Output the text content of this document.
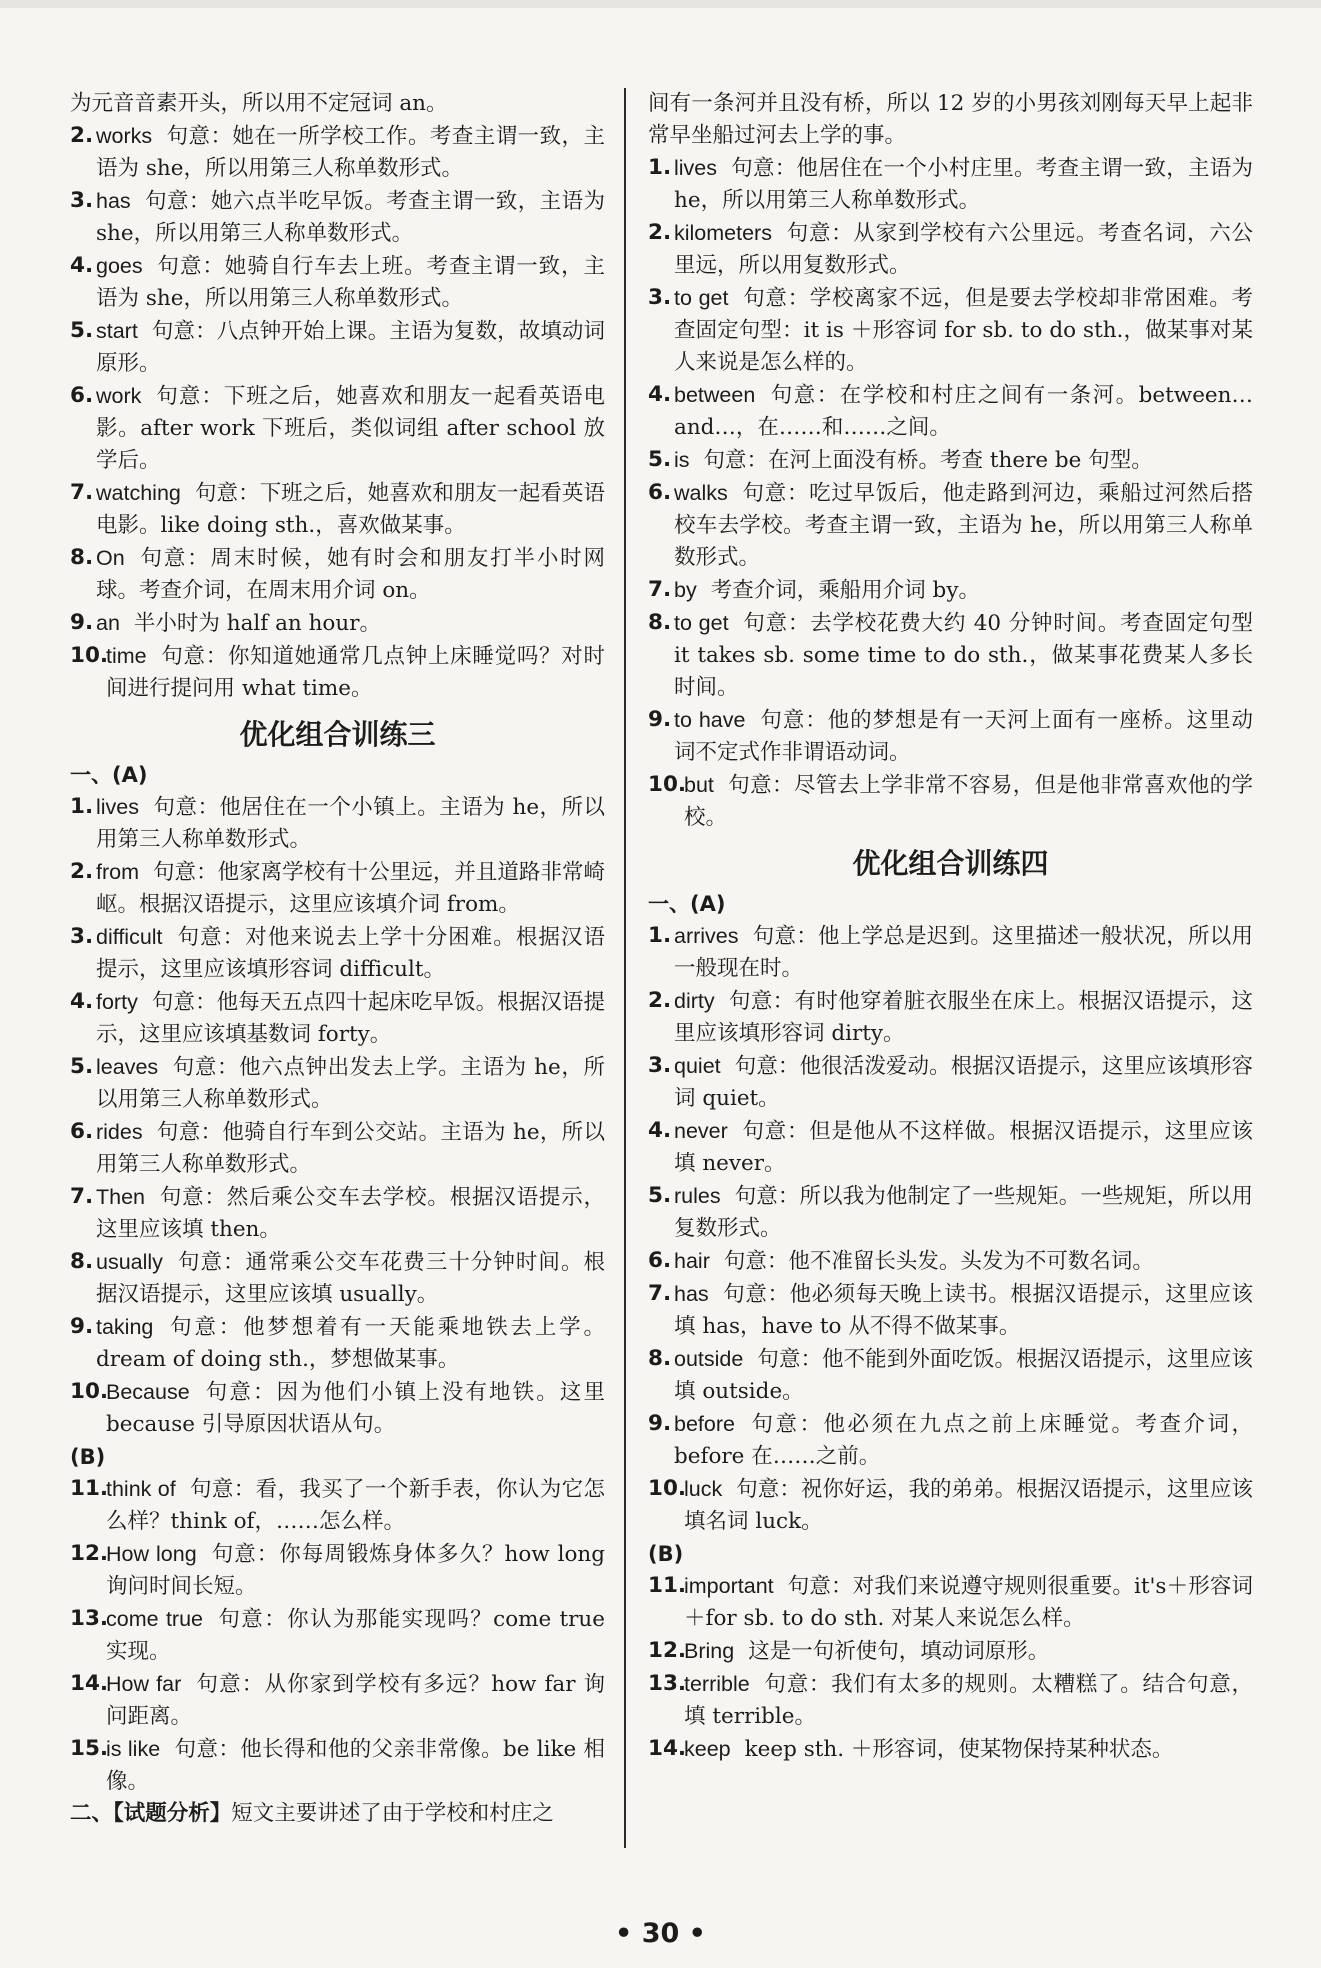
为元音音素开头，所以用不定冠词 an。

2. works 句意：她在一所学校工作。考查主谓一致，主语为 she，所以用第三人称单数形式。

3. has 句意：她六点半吃早饭。考查主谓一致，主语为 she，所以用第三人称单数形式。

4. goes 句意：她骑自行车去上班。考查主谓一致，主语为 she，所以用第三人称单数形式。

5. start 句意：八点钟开始上课。主语为复数，故填动词原形。

6. work 句意：下班之后，她喜欢和朋友一起看英语电影。after work 下班后，类似词组 after school 放学后。

7. watching 句意：下班之后，她喜欢和朋友一起看英语电影。like doing sth.，喜欢做某事。

8. On 句意：周末时候，她有时会和朋友打半小时网球。考查介词，在周末用介词 on。

9. an 半小时为 half an hour。

10.
time 句意：你知道她通常几点钟上床睡觉吗？对时间进行提问用 what time。

优化组合训练三

一、(A)

1. lives 句意：他居住在一个小镇上。主语为 he，所以用第三人称单数形式。

2. from 句意：他家离学校有十公里远，并且道路非常崎岖。根据汉语提示，这里应该填介词 from。

3. difficult 句意：对他来说去上学十分困难。根据汉语提示，这里应该填形容词 difficult。

4. forty 句意：他每天五点四十起床吃早饭。根据汉语提示，这里应该填基数词 forty。

5. leaves 句意：他六点钟出发去上学。主语为 he，所以用第三人称单数形式。

6. rides 句意：他骑自行车到公交站。主语为 he，所以用第三人称单数形式。

7. Then 句意：然后乘公交车去学校。根据汉语提示，这里应该填 then。

8. usually 句意：通常乘公交车花费三十分钟时间。根据汉语提示，这里应该填 usually。

9. taking 句意：他梦想着有一天能乘地铁去上学。dream of doing sth.，梦想做某事。

10.
Because 句意：因为他们小镇上没有地铁。这里 because 引导原因状语从句。

(B)

11.
think of 句意：看，我买了一个新手表，你认为它怎么样？think of，……怎么样。

12.
How long 句意：你每周锻炼身体多久？how long 询问时间长短。

13.
come true 句意：你认为那能实现吗？come true 实现。

14.
How far 句意：从你家到学校有多远？how far 询问距离。

15.
is like 句意：他长得和他的父亲非常像。be like 相像。

二、【试题分析】短文主要讲述了由于学校和村庄之

间有一条河并且没有桥，所以 12 岁的小男孩刘刚每天早上起非常早坐船过河去上学的事。

1. lives 句意：他居住在一个小村庄里。考查主谓一致，主语为 he，所以用第三人称单数形式。

2. kilometers 句意：从家到学校有六公里远。考查名词，六公里远，所以用复数形式。

3. to get 句意：学校离家不远，但是要去学校却非常困难。考查固定句型：it is ＋形容词 for sb. to do sth.，做某事对某人来说是怎么样的。

4. between 句意：在学校和村庄之间有一条河。between…and…，在……和……之间。

5. is 句意：在河上面没有桥。考查 there be 句型。

6. walks 句意：吃过早饭后，他走路到河边，乘船过河然后搭校车去学校。考查主谓一致，主语为 he，所以用第三人称单数形式。

7. by 考查介词，乘船用介词 by。

8. to get 句意：去学校花费大约 40 分钟时间。考查固定句型 it takes sb. some time to do sth.，做某事花费某人多长时间。

9. to have 句意：他的梦想是有一天河上面有一座桥。这里动词不定式作非谓语动词。

10.
but 句意：尽管去上学非常不容易，但是他非常喜欢他的学校。

优化组合训练四

一、(A)

1. arrives 句意：他上学总是迟到。这里描述一般状况，所以用一般现在时。

2. dirty 句意：有时他穿着脏衣服坐在床上。根据汉语提示，这里应该填形容词 dirty。

3. quiet 句意：他很活泼爱动。根据汉语提示，这里应该填形容词 quiet。

4. never 句意：但是他从不这样做。根据汉语提示，这里应该填 never。

5. rules 句意：所以我为他制定了一些规矩。一些规矩，所以用复数形式。

6. hair 句意：他不准留长头发。头发为不可数名词。

7. has 句意：他必须每天晚上读书。根据汉语提示，这里应该填 has，have to 从不得不做某事。

8. outside 句意：他不能到外面吃饭。根据汉语提示，这里应该填 outside。

9. before 句意：他必须在九点之前上床睡觉。考查介词，before 在……之前。

10.
luck 句意：祝你好运，我的弟弟。根据汉语提示，这里应该填名词 luck。

(B)

11.
important 句意：对我们来说遵守规则很重要。it's＋形容词＋for sb. to do sth. 对某人来说怎么样。

12.
Bring 这是一句祈使句，填动词原形。

13.
terrible 句意：我们有太多的规则。太糟糕了。结合句意，填 terrible。

14.
keep keep sth. ＋形容词，使某物保持某种状态。

• 30 •
